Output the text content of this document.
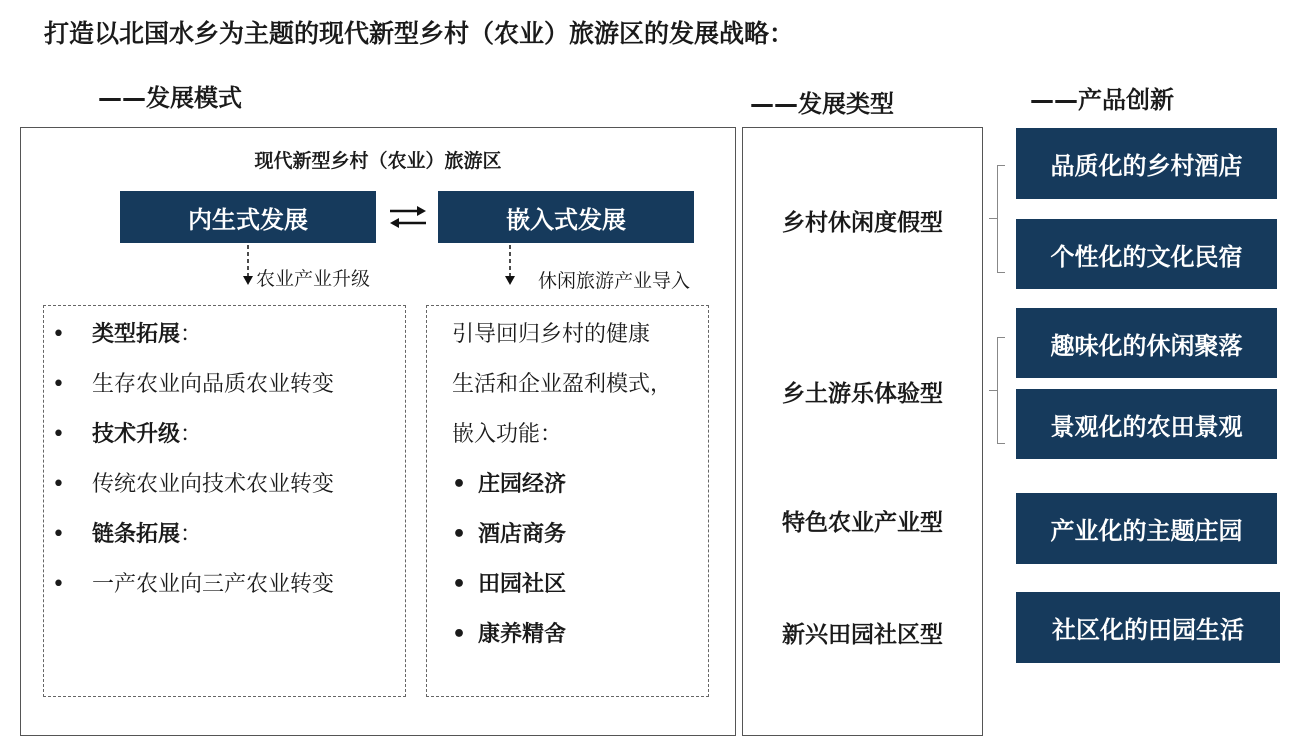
打造以北国水乡为主题的现代新型乡村（农业）旅游区的发展战略：
——发展模式	——发展类型	——产品创新
现代新型乡村（农业）旅游区
内生式发展	嵌入式发展
农业产业升级	休闲旅游产业导入
• 类型拓展：
• 生存农业向品质农业转变
• 技术升级：
• 传统农业向技术农业转变
• 链条拓展：
• 一产农业向三产农业转变
引导回归乡村的健康
生活和企业盈利模式，
嵌入功能：
• 庄园经济
• 酒店商务
• 田园社区
• 康养精舍
乡村休闲度假型
乡土游乐体验型
特色农业产业型
新兴田园社区型
品质化的乡村酒店
个性化的文化民宿
趣味化的休闲聚落
景观化的农田景观
产业化的主题庄园
社区化的田园生活
